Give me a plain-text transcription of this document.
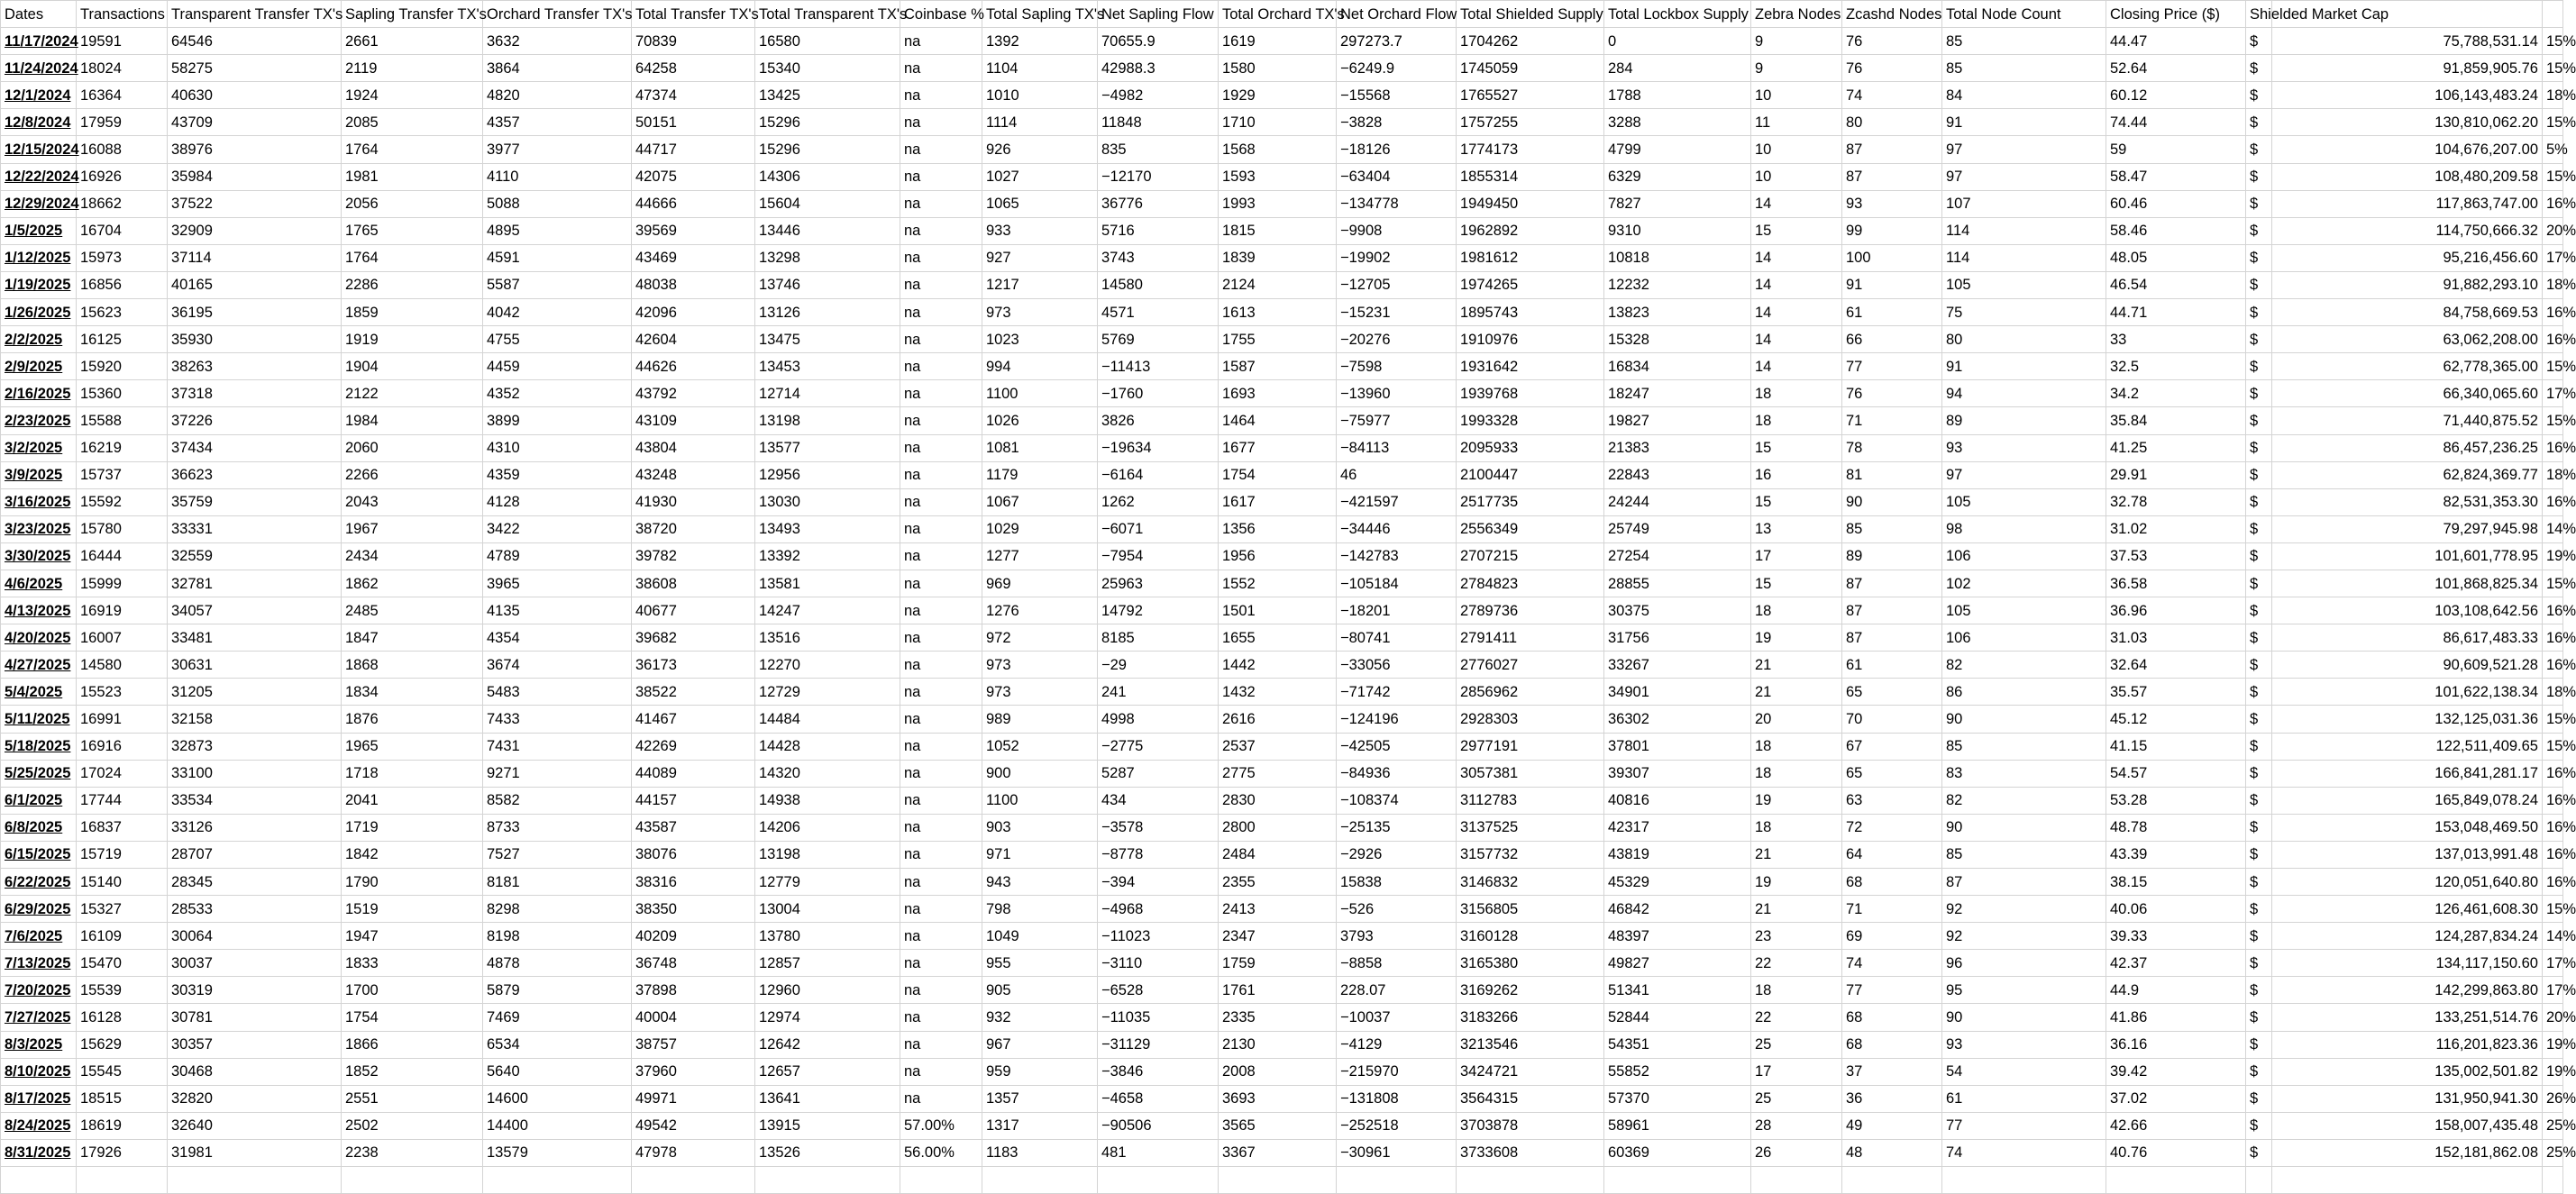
Dates	Transactions	Transparent Transfer TX's	Sapling Transfer TX's	Orchard Transfer TX's	Total Transfer TX's	Total Transparent TX's	Coinbase %	Total Sapling TX's	Net Sapling Flow	Total Orchard TX's	Net Orchard Flow	Total Shielded Supply	Total Lockbox Supply	Zebra Nodes	Zcashd Nodes	Total Node Count	Closing Price ($)	Shielded Market Cap		
11/17/2024	19591	64546	2661	3632	70839	16580	na	1392	70655.9	1619	297273.7	1704262	0	9	76	85	44.47	$	75,788,531.14	15%
11/24/2024	18024	58275	2119	3864	64258	15340	na	1104	42988.3	1580	−6249.9	1745059	284	9	76	85	52.64	$	91,859,905.76	15%
12/1/2024	16364	40630	1924	4820	47374	13425	na	1010	−4982	1929	−15568	1765527	1788	10	74	84	60.12	$	106,143,483.24	18%
12/8/2024	17959	43709	2085	4357	50151	15296	na	1114	11848	1710	−3828	1757255	3288	11	80	91	74.44	$	130,810,062.20	15%
12/15/2024	16088	38976	1764	3977	44717	15296	na	926	835	1568	−18126	1774173	4799	10	87	97	59	$	104,676,207.00	5%
12/22/2024	16926	35984	1981	4110	42075	14306	na	1027	−12170	1593	−63404	1855314	6329	10	87	97	58.47	$	108,480,209.58	15%
12/29/2024	18662	37522	2056	5088	44666	15604	na	1065	36776	1993	−134778	1949450	7827	14	93	107	60.46	$	117,863,747.00	16%
1/5/2025	16704	32909	1765	4895	39569	13446	na	933	5716	1815	−9908	1962892	9310	15	99	114	58.46	$	114,750,666.32	20%
1/12/2025	15973	37114	1764	4591	43469	13298	na	927	3743	1839	−19902	1981612	10818	14	100	114	48.05	$	95,216,456.60	17%
1/19/2025	16856	40165	2286	5587	48038	13746	na	1217	14580	2124	−12705	1974265	12232	14	91	105	46.54	$	91,882,293.10	18%
1/26/2025	15623	36195	1859	4042	42096	13126	na	973	4571	1613	−15231	1895743	13823	14	61	75	44.71	$	84,758,669.53	16%
2/2/2025	16125	35930	1919	4755	42604	13475	na	1023	5769	1755	−20276	1910976	15328	14	66	80	33	$	63,062,208.00	16%
2/9/2025	15920	38263	1904	4459	44626	13453	na	994	−11413	1587	−7598	1931642	16834	14	77	91	32.5	$	62,778,365.00	15%
2/16/2025	15360	37318	2122	4352	43792	12714	na	1100	−1760	1693	−13960	1939768	18247	18	76	94	34.2	$	66,340,065.60	17%
2/23/2025	15588	37226	1984	3899	43109	13198	na	1026	3826	1464	−75977	1993328	19827	18	71	89	35.84	$	71,440,875.52	15%
3/2/2025	16219	37434	2060	4310	43804	13577	na	1081	−19634	1677	−84113	2095933	21383	15	78	93	41.25	$	86,457,236.25	16%
3/9/2025	15737	36623	2266	4359	43248	12956	na	1179	−6164	1754	46	2100447	22843	16	81	97	29.91	$	62,824,369.77	18%
3/16/2025	15592	35759	2043	4128	41930	13030	na	1067	1262	1617	−421597	2517735	24244	15	90	105	32.78	$	82,531,353.30	16%
3/23/2025	15780	33331	1967	3422	38720	13493	na	1029	−6071	1356	−34446	2556349	25749	13	85	98	31.02	$	79,297,945.98	14%
3/30/2025	16444	32559	2434	4789	39782	13392	na	1277	−7954	1956	−142783	2707215	27254	17	89	106	37.53	$	101,601,778.95	19%
4/6/2025	15999	32781	1862	3965	38608	13581	na	969	25963	1552	−105184	2784823	28855	15	87	102	36.58	$	101,868,825.34	15%
4/13/2025	16919	34057	2485	4135	40677	14247	na	1276	14792	1501	−18201	2789736	30375	18	87	105	36.96	$	103,108,642.56	16%
4/20/2025	16007	33481	1847	4354	39682	13516	na	972	8185	1655	−80741	2791411	31756	19	87	106	31.03	$	86,617,483.33	16%
4/27/2025	14580	30631	1868	3674	36173	12270	na	973	−29	1442	−33056	2776027	33267	21	61	82	32.64	$	90,609,521.28	16%
5/4/2025	15523	31205	1834	5483	38522	12729	na	973	241	1432	−71742	2856962	34901	21	65	86	35.57	$	101,622,138.34	18%
5/11/2025	16991	32158	1876	7433	41467	14484	na	989	4998	2616	−124196	2928303	36302	20	70	90	45.12	$	132,125,031.36	15%
5/18/2025	16916	32873	1965	7431	42269	14428	na	1052	−2775	2537	−42505	2977191	37801	18	67	85	41.15	$	122,511,409.65	15%
5/25/2025	17024	33100	1718	9271	44089	14320	na	900	5287	2775	−84936	3057381	39307	18	65	83	54.57	$	166,841,281.17	16%
6/1/2025	17744	33534	2041	8582	44157	14938	na	1100	434	2830	−108374	3112783	40816	19	63	82	53.28	$	165,849,078.24	16%
6/8/2025	16837	33126	1719	8733	43587	14206	na	903	−3578	2800	−25135	3137525	42317	18	72	90	48.78	$	153,048,469.50	16%
6/15/2025	15719	28707	1842	7527	38076	13198	na	971	−8778	2484	−2926	3157732	43819	21	64	85	43.39	$	137,013,991.48	16%
6/22/2025	15140	28345	1790	8181	38316	12779	na	943	−394	2355	15838	3146832	45329	19	68	87	38.15	$	120,051,640.80	16%
6/29/2025	15327	28533	1519	8298	38350	13004	na	798	−4968	2413	−526	3156805	46842	21	71	92	40.06	$	126,461,608.30	15%
7/6/2025	16109	30064	1947	8198	40209	13780	na	1049	−11023	2347	3793	3160128	48397	23	69	92	39.33	$	124,287,834.24	14%
7/13/2025	15470	30037	1833	4878	36748	12857	na	955	−3110	1759	−8858	3165380	49827	22	74	96	42.37	$	134,117,150.60	17%
7/20/2025	15539	30319	1700	5879	37898	12960	na	905	−6528	1761	228.07	3169262	51341	18	77	95	44.9	$	142,299,863.80	17%
7/27/2025	16128	30781	1754	7469	40004	12974	na	932	−11035	2335	−10037	3183266	52844	22	68	90	41.86	$	133,251,514.76	20%
8/3/2025	15629	30357	1866	6534	38757	12642	na	967	−31129	2130	−4129	3213546	54351	25	68	93	36.16	$	116,201,823.36	19%
8/10/2025	15545	30468	1852	5640	37960	12657	na	959	−3846	2008	−215970	3424721	55852	17	37	54	39.42	$	135,002,501.82	19%
8/17/2025	18515	32820	2551	14600	49971	13641	na	1357	−4658	3693	−131808	3564315	57370	25	36	61	37.02	$	131,950,941.30	26%
8/24/2025	18619	32640	2502	14400	49542	13915	57.00%	1317	−90506	3565	−252518	3703878	58961	28	49	77	42.66	$	158,007,435.48	25%
8/31/2025	17926	31981	2238	13579	47978	13526	56.00%	1183	481	3367	−30961	3733608	60369	26	48	74	40.76	$	152,181,862.08	25%
